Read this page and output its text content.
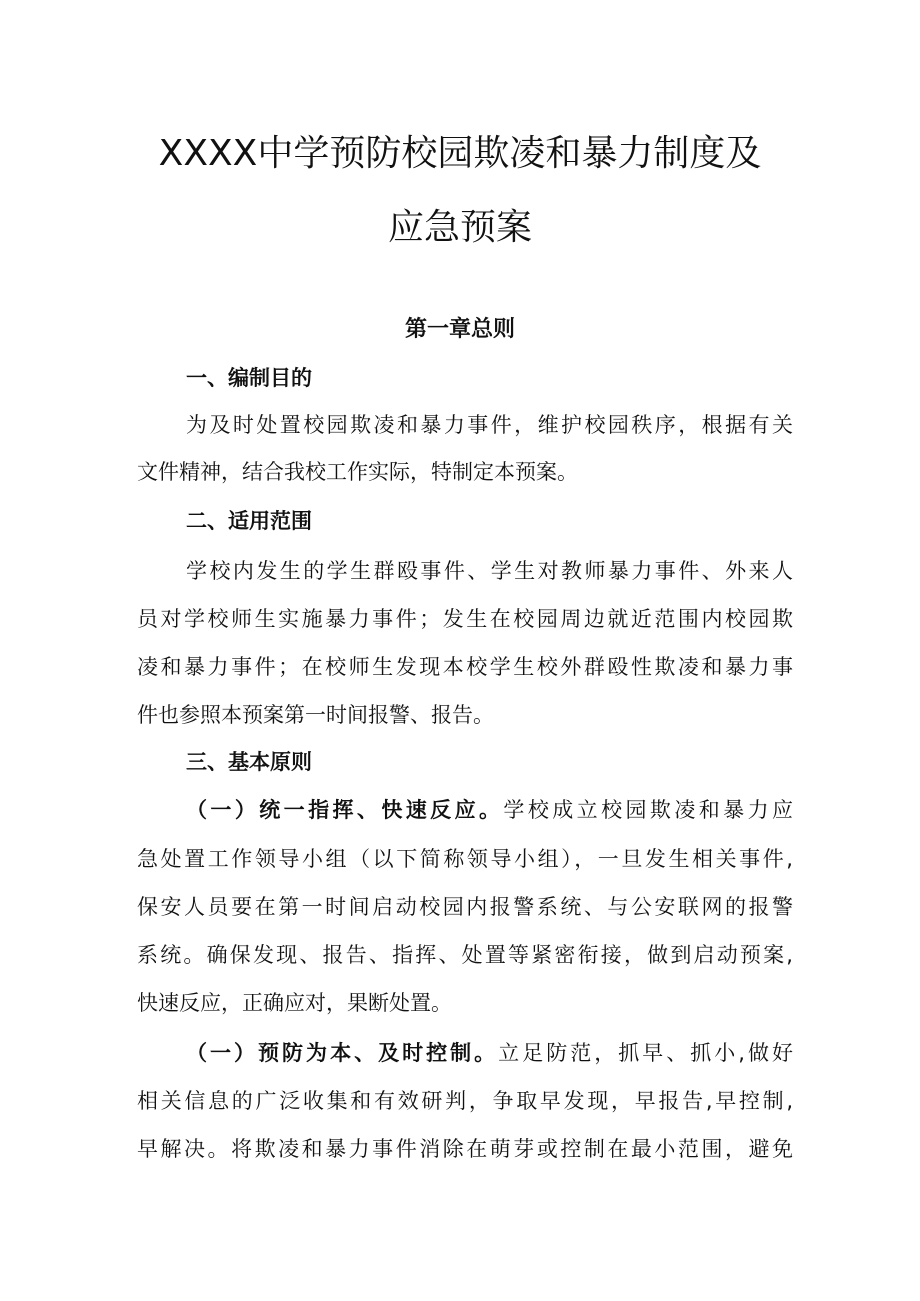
XXXX中学预防校园欺凌和暴力制度及
应急预案
第一章总则

一、编制目的

为及时处置校园欺凌和暴力事件，维护校园秩序，根据有关

文件精神，结合我校工作实际，特制定本预案。

二、适用范围

学校内发生的学生群殴事件、学生对教师暴力事件、外来人

员对学校师生实施暴力事件；发生在校园周边就近范围内校园欺

凌和暴力事件；在校师生发现本校学生校外群殴性欺凌和暴力事

件也参照本预案第一时间报警、报告。

三、基本原则

（一）统一指挥、快速反应。学校成立校园欺凌和暴力应

急处置工作领导小组（以下简称领导小组），一旦发生相关事件,

保安人员要在第一时间启动校园内报警系统、与公安联网的报警

系统。确保发现、报告、指挥、处置等紧密衔接，做到启动预案,

快速反应，正确应对，果断处置。

（一）预防为本、及时控制。立足防范，抓早、抓小,做好

相关信息的广泛收集和有效研判，争取早发现，早报告,早控制,

早解决。将欺凌和暴力事件消除在萌芽或控制在最小范围，避免
